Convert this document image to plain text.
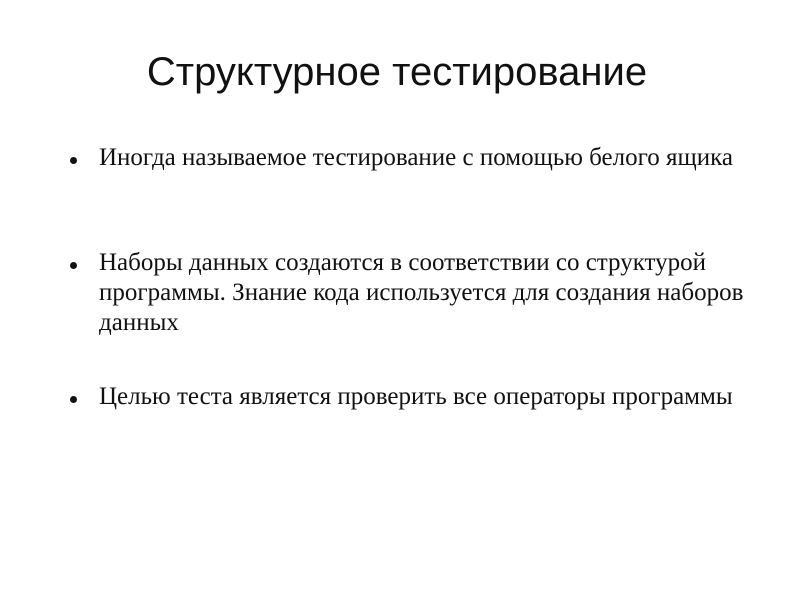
Структурное тестирование

Иногда называемое тестирование с помощью белого ящика

Наборы данных создаются в соответствии со структурой программы. Знание кода используется для создания наборов данных

Целью теста является проверить все операторы программы
